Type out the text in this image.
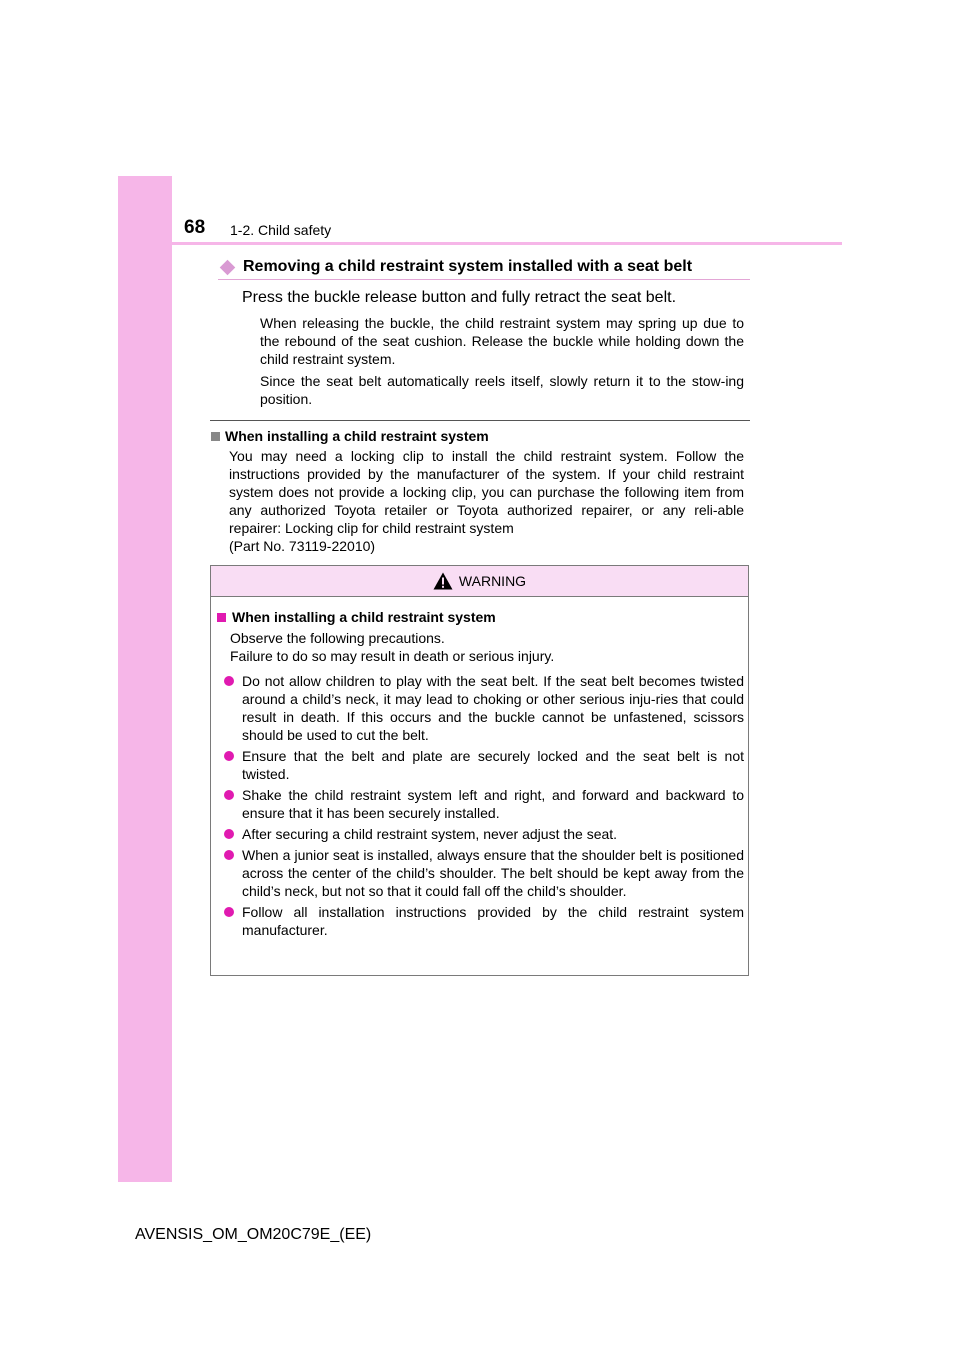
68 1-2. Child safety
Removing a child restraint system installed with a seat belt
Press the buckle release button and fully retract the seat belt.
When releasing the buckle, the child restraint system may spring up due to the rebound of the seat cushion. Release the buckle while holding down the child restraint system.
Since the seat belt automatically reels itself, slowly return it to the stow-ing position.
When installing a child restraint system
You may need a locking clip to install the child restraint system. Follow the instructions provided by the manufacturer of the system. If your child restraint system does not provide a locking clip, you can purchase the following item from any authorized Toyota retailer or Toyota authorized repairer, or any reli-able repairer: Locking clip for child restraint system
(Part No. 73119-22010)
WARNING
When installing a child restraint system
Observe the following precautions.
Failure to do so may result in death or serious injury.
Do not allow children to play with the seat belt. If the seat belt becomes twisted around a child’s neck, it may lead to choking or other serious inju-ries that could result in death. If this occurs and the buckle cannot be unfastened, scissors should be used to cut the belt.
Ensure that the belt and plate are securely locked and the seat belt is not twisted.
Shake the child restraint system left and right, and forward and backward to ensure that it has been securely installed.
After securing a child restraint system, never adjust the seat.
When a junior seat is installed, always ensure that the shoulder belt is positioned across the center of the child’s shoulder. The belt should be kept away from the child’s neck, but not so that it could fall off the child’s shoulder.
Follow all installation instructions provided by the child restraint system manufacturer.
AVENSIS_OM_OM20C79E_(EE)
